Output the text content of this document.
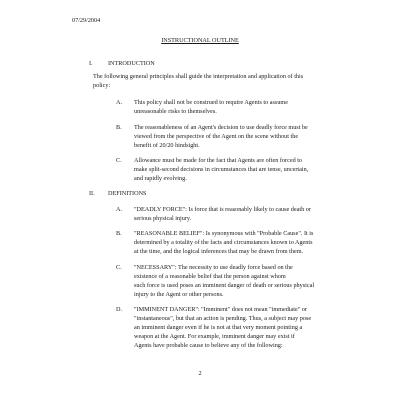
07/29/2004
INSTRUCTIONAL OUTLINE
I. INTRODUCTION
The following general principles shall guide the interpretation and application of this
policy:
A. This policy shall not be construed to require Agents to assume
unreasonable risks to themselves.
B. The reasonableness of an Agent's decision to use deadly force must be
viewed from the perspective of the Agent on the scene without the
benefit of 20/20 hindsight.
C. Allowance must be made for the fact that Agents are often forced to
make split-second decisions in circumstances that are tense, uncertain,
and rapidly evolving.
II. DEFINITIONS
A. "DEADLY FORCE": Is force that is reasonably likely to cause death or
serious physical injury.
B. "REASONABLE BELIEF": Is synonymous with "Probable Cause". It is
determined by a totality of the facts and circumstances known to Agents
at the time, and the logical inferences that may be drawn from them.
C. "NECESSARY": The necessity to use deadly force based on the
existence of a reasonable belief that the person against whom
such force is used poses an imminent danger of death or serious physical
injury to the Agent or other persons.
D. "IMMINENT DANGER": "Imminent" does not mean "immediate" or
"instantaneous", but that an action is pending. Thus, a subject may pose
an imminent danger even if he is not at that very moment pointing a
weapon at the Agent. For example, imminent danger may exist if
Agents have probable cause to believe any of the following:
2
